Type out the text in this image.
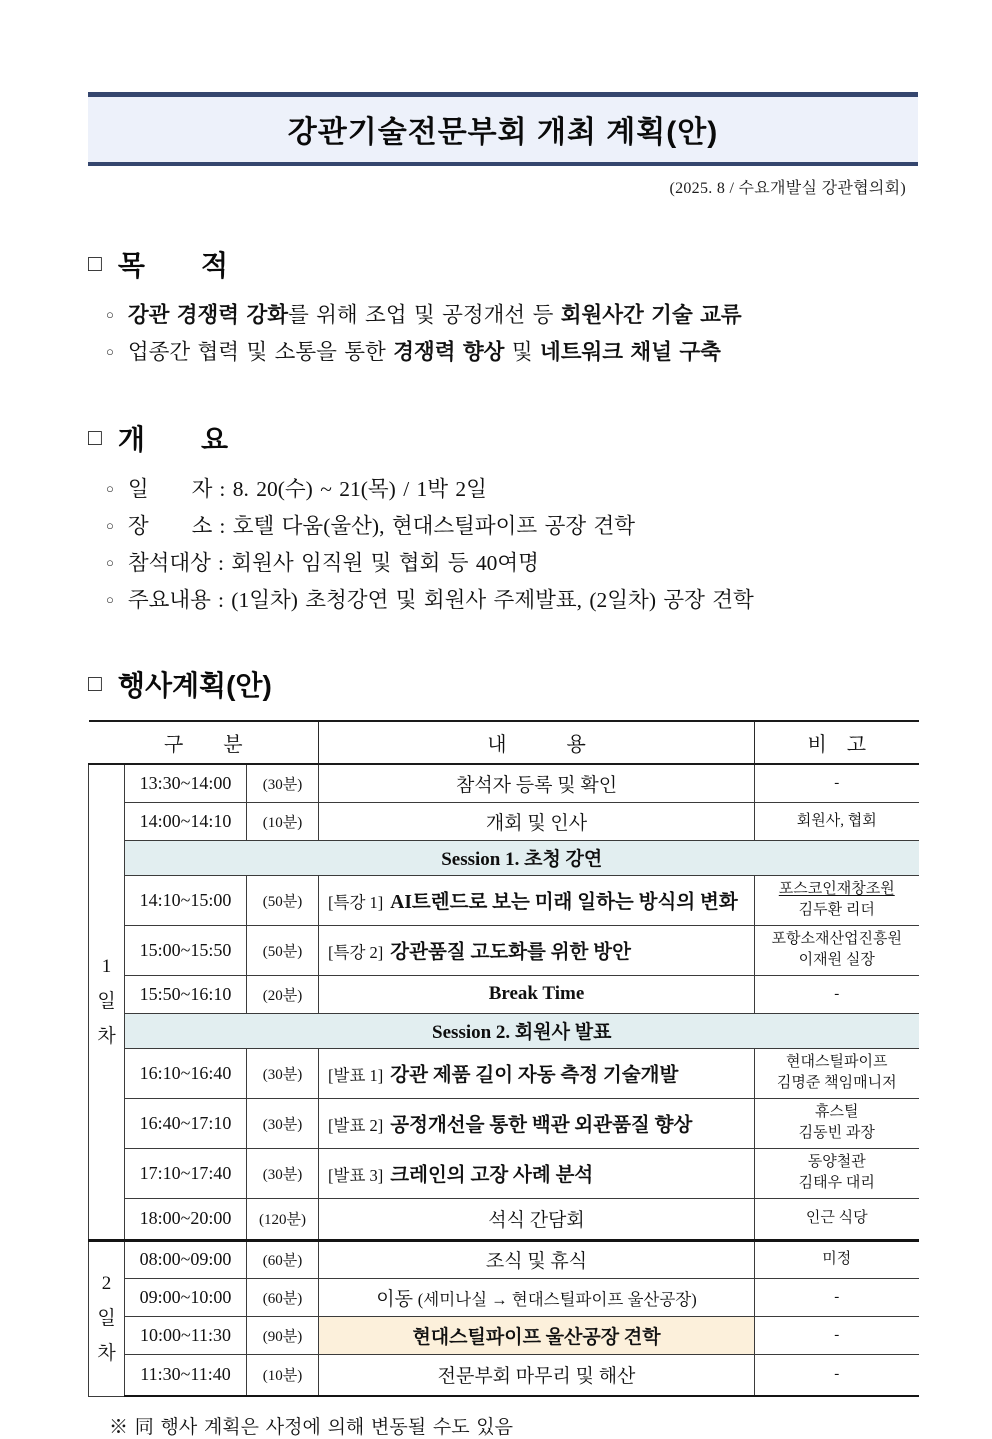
강관기술전문부회 개최 계획(안)
(2025. 8 / 수요개발실 강관협의회)
□ 목　　적
○ 강관 경쟁력 강화를 위해 조업 및 공정개선 등 회원사간 기술 교류
○ 업종간 협력 및 소통을 통한 경쟁력 향상 및 네트워크 채널 구축
□ 개　　요
○ 일　　자 : 8. 20(수) ~ 21(목) / 1박 2일
○ 장　　소 : 호텔 다움(울산), 현대스틸파이프 공장 견학
○ 참석대상 : 회원사 임직원 및 협회 등 40여명
○ 주요내용 : (1일차) 초청강연 및 회원사 주제발표, (2일차) 공장 견학
□ 행사계획(안)
구　　분			내　　　용	비　고

1
일
차	13:30~14:00	(30분)	참석자 등록 및 확인	-

	14:00~14:10	(10분)	개회 및 인사	회원사, 협회

	Session 1. 초청 강연			
	14:10~15:00	(50분)	[특강 1] AI트렌드로 보는 미래 일하는 방식의 변화	포스코인재창조원
김두환 리더

	15:00~15:50	(50분)	[특강 2] 강관품질 고도화를 위한 방안	포항소재산업진흥원
이재원 실장

	15:50~16:10	(20분)	Break Time	-

	Session 2. 회원사 발표			
	16:10~16:40	(30분)	[발표 1] 강관 제품 길이 자동 측정 기술개발	현대스틸파이프
김명준 책임매니저

	16:40~17:10	(30분)	[발표 2] 공정개선을 통한 백관 외관품질 향상	휴스틸
김동빈 과장

	17:10~17:40	(30분)	[발표 3] 크레인의 고장 사례 분석	동양철관
김태우 대리

	18:00~20:00	(120분)	석식 간담회	인근 식당

2
일
차	08:00~09:00	(60분)	조식 및 휴식	미정

	09:00~10:00	(60분)	이동 (세미나실 → 현대스틸파이프 울산공장)	-

	10:00~11:30	(90분)	현대스틸파이프 울산공장 견학	-

	11:30~11:40	(10분)	전문부회 마무리 및 해산	-
※ 同 행사 계획은 사정에 의해 변동될 수도 있음
